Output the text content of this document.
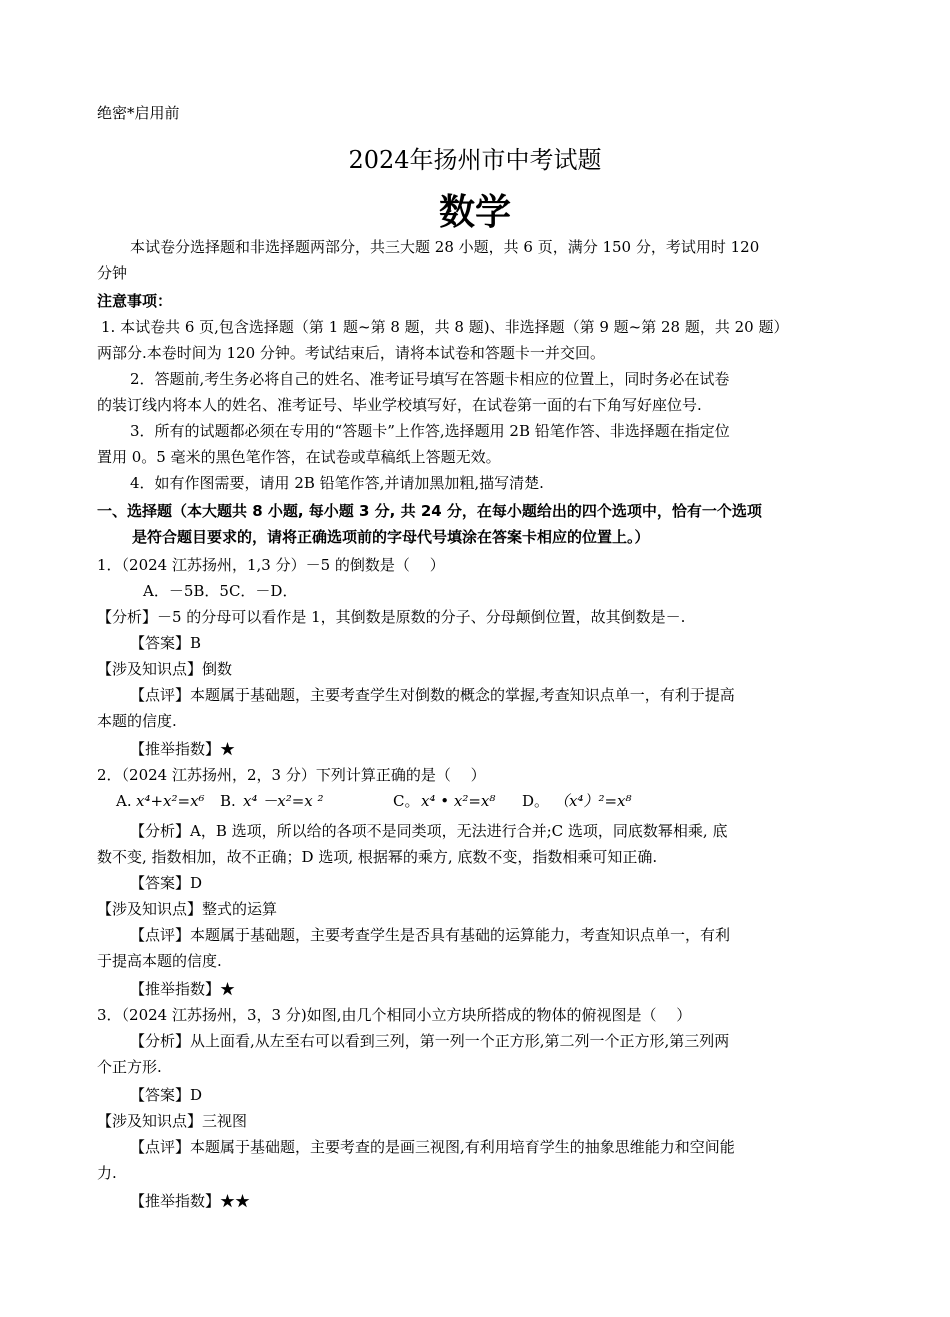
绝密*启用前
2024年扬州市中考试题
数学
本试卷分选择题和非选择题两部分，共三大题 28 小题，共 6 页，满分 150 分，考试用时 120
分钟
注意事项：
1. 本试卷共 6 页,包含选择题（第 1 题~第 8 题，共 8 题)、非选择题（第 9 题~第 28 题，共 20 题）
两部分.本卷时间为 120 分钟。考试结束后，请将本试卷和答题卡一并交回。
2．答题前,考生务必将自己的姓名、准考证号填写在答题卡相应的位置上，同时务必在试卷
的装订线内将本人的姓名、准考证号、毕业学校填写好，在试卷第一面的右下角写好座位号.
3．所有的试题都必须在专用的“答题卡”上作答,选择题用 2B 铅笔作答、非选择题在指定位
置用 0。5 毫米的黑色笔作答，在试卷或草稿纸上答题无效。
4．如有作图需要，请用 2B 铅笔作答,并请加黑加粗,描写清楚.
一、选择题（本大题共 8 小题, 每小题 3 分, 共 24 分，在每小题给出的四个选项中，恰有一个选项
是符合题目要求的，请将正确选项前的字母代号填涂在答案卡相应的位置上。）
1．（2024 江苏扬州，1,3 分）－5 的倒数是（　 ）
A．－5B．5C．－D．
【分析】－5 的分母可以看作是 1，其倒数是原数的分子、分母颠倒位置，故其倒数是－.
【答案】B
【涉及知识点】倒数
【点评】本题属于基础题，主要考查学生对倒数的概念的掌握,考查知识点单一，有利于提高
本题的信度.
【推举指数】★
2．（2024 江苏扬州，2，3 分）下列计算正确的是（　 ）
A. x⁴+x²=x⁶ B. x⁴ －x²=x ²	C。 x⁴ • x²=x⁸ D。 （x⁴）²=x⁸
【分析】A，B 选项，所以给的各项不是同类项，无法进行合并;C 选项，同底数幂相乘, 底
数不变, 指数相加，故不正确；D 选项, 根据幂的乘方, 底数不变，指数相乘可知正确.
【答案】D
【涉及知识点】整式的运算
【点评】本题属于基础题，主要考查学生是否具有基础的运算能力，考查知识点单一，有利
于提高本题的信度.
【推举指数】★
3．（2024 江苏扬州，3，3 分)如图,由几个相同小立方块所搭成的物体的俯视图是（　 ）
【分析】从上面看,从左至右可以看到三列，第一列一个正方形,第二列一个正方形,第三列两
个正方形.
【答案】D
【涉及知识点】三视图
【点评】本题属于基础题，主要考查的是画三视图,有利用培育学生的抽象思维能力和空间能
力.
【推举指数】★★
